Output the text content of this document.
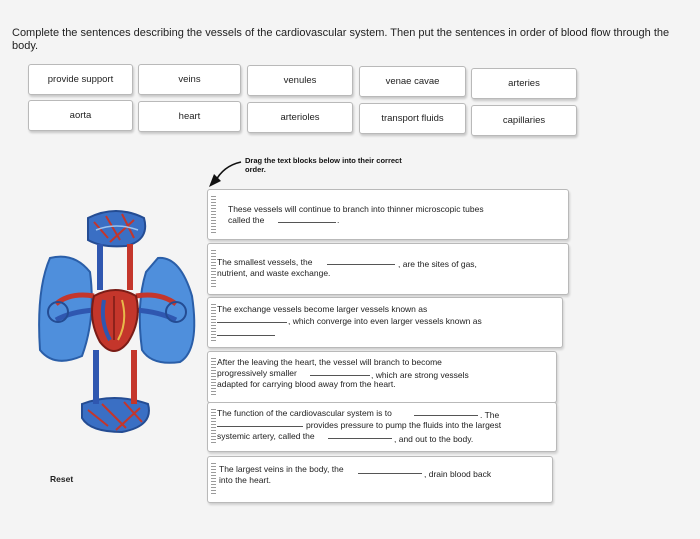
Complete the sentences describing the vessels of the cardiovascular system. Then put the sentences in order of blood flow through the body.
provide support	veins	venules	venae cavae	arteries
aorta	heart	arterioles	transport fluids	capillaries
Drag the text blocks below into their correct order.
These vessels will continue to branch into thinner microscopic tubes
called the	.
The smallest vessels, the	, are the sites of gas,
nutrient, and waste exchange.
The exchange vessels become larger vessels known as
, which converge into even larger vessels known as
After the leaving the heart, the vessel will branch to become
progressively smaller	, which are strong vessels
adapted for carrying blood away from the heart.
The function of the cardiovascular system is to	. The
provides pressure to pump the fluids into the largest
systemic artery, called the	, and out to the body.
The largest veins in the body, the	, drain blood back
into the heart.
Reset
